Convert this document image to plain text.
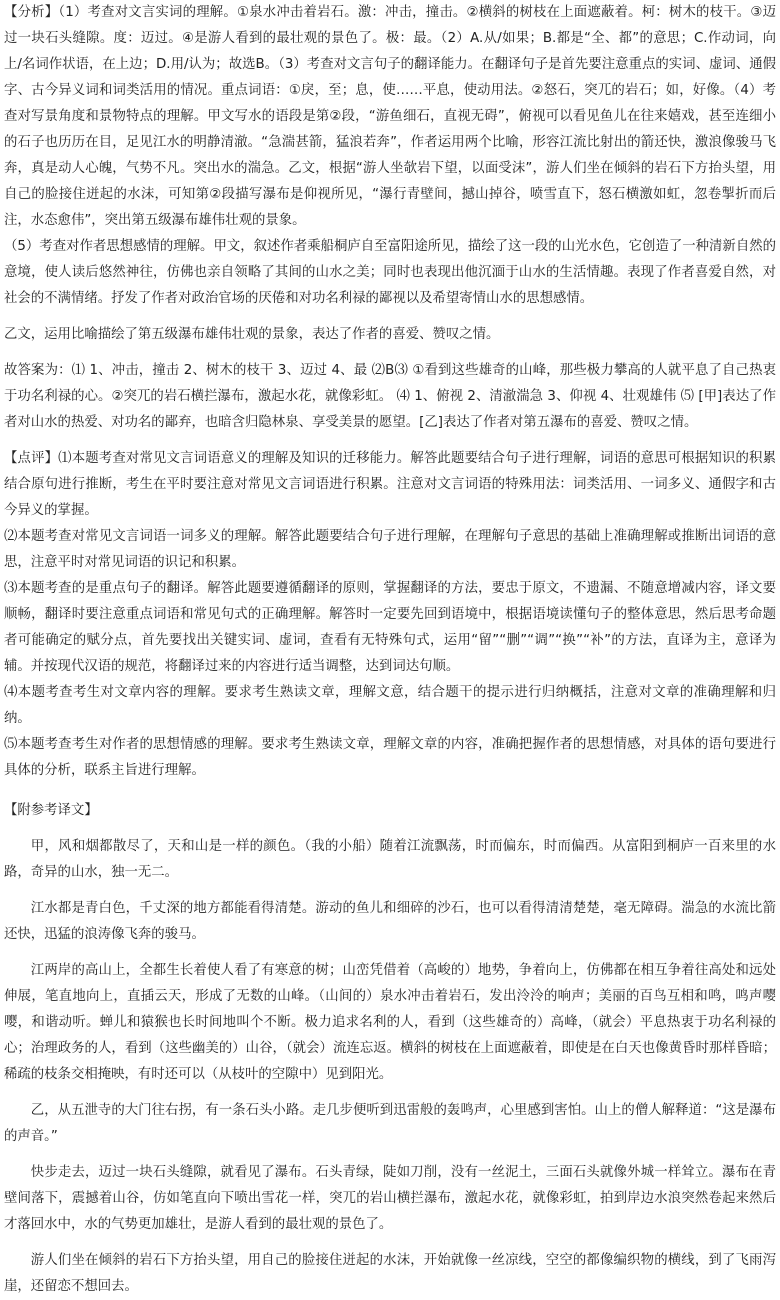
【分析】（1）考查对文言实词的理解。①泉水冲击着岩石。激：冲击，撞击。②横斜的树枝在上面遮蔽着。柯：树木的枝干。③迈过一块石头缝隙。度：迈过。④是游人看到的最壮观的景色了。极：最。（2）A.从/如果；B.都是“全、都”的意思；C.作动词，向上/名词作状语，在上边；D.用/认为；故选B。（3）考查对文言句子的翻译能力。在翻译句子是首先要注意重点的实词、虚词、通假字、古今异义词和词类活用的情况。重点词语：①戾，至；息，使……平息，使动用法。②怒石，突兀的岩石；如，好像。（4）考查对写景角度和景物特点的理解。甲文写水的语段是第②段，“游鱼细石，直视无碍”，俯视可以看见鱼儿在往来嬉戏，甚至连细小的石子也历历在目，足见江水的明静清澈。“急湍甚箭，猛浪若奔”，作者运用两个比喻，形容江流比射出的箭还快，激浪像骏马飞奔，真是动人心魄，气势不凡。突出水的湍急。乙文，根据“游人坐欹岩下望，以面受沫”，游人们坐在倾斜的岩石下方抬头望，用自己的脸接住迸起的水沫，可知第②段描写瀑布是仰视所见，“瀑行青壁间，撼山掉谷，喷雪直下，怒石横激如虹，忽卷掣折而后注，水态愈伟”，突出第五级瀑布雄伟壮观的景象。

（5）考查对作者思想感情的理解。甲文，叙述作者乘船桐庐自至富阳途所见，描绘了这一段的山光水色，它创造了一种清新自然的意境，使人读后悠然神往，仿佛也亲自领略了其间的山水之美；同时也表现出他沉湎于山水的生活情趣。表现了作者喜爱自然，对社会的不满情绪。抒发了作者对政治官场的厌倦和对功名利禄的鄙视以及希望寄情山水的思想感情。

乙文，运用比喻描绘了第五级瀑布雄伟壮观的景象，表达了作者的喜爱、赞叹之情。

故答案为：⑴ 1、冲击，撞击 2、树木的枝干 3、迈过 4、最 ⑵B⑶ ①看到这些雄奇的山峰，那些极力攀高的人就平息了自己热衷于功名利禄的心。②突兀的岩石横拦瀑布，激起水花，就像彩虹。 ⑷ 1、俯视 2、清澈湍急 3、仰视 4、壮观雄伟 ⑸ [甲]表达了作者对山水的热爱、对功名的鄙弃，也暗含归隐林泉、享受美景的愿望。[乙]表达了作者对第五瀑布的喜爱、赞叹之情。

【点评】⑴本题考查对常见文言词语意义的理解及知识的迁移能力。解答此题要结合句子进行理解，词语的意思可根据知识的积累结合原句进行推断，考生在平时要注意对常见文言词语进行积累。注意对文言词语的特殊用法：词类活用、一词多义、通假字和古今异义的掌握。

⑵本题考查对常见文言词语一词多义的理解。解答此题要结合句子进行理解，在理解句子意思的基础上准确理解或推断出词语的意思，注意平时对常见词语的识记和积累。

⑶本题考查的是重点句子的翻译。解答此题要遵循翻译的原则，掌握翻译的方法，要忠于原文，不遗漏、不随意增减内容，译文要顺畅，翻译时要注意重点词语和常见句式的正确理解。解答时一定要先回到语境中，根据语境读懂句子的整体意思，然后思考命题者可能确定的赋分点，首先要找出关键实词、虚词，查看有无特殊句式，运用“留”“删”“调”“换”“补”的方法，直译为主，意译为辅。并按现代汉语的规范，将翻译过来的内容进行适当调整，达到词达句顺。

⑷本题考查考生对文章内容的理解。要求考生熟读文章，理解文意，结合题干的提示进行归纳概括，注意对文章的准确理解和归纳。

⑸本题考查考生对作者的思想情感的理解。要求考生熟读文章，理解文章的内容，准确把握作者的思想情感，对具体的语句要进行具体的分析，联系主旨进行理解。

【附参考译文】

甲，风和烟都散尽了，天和山是一样的颜色。（我的小船）随着江流飘荡，时而偏东，时而偏西。从富阳到桐庐一百来里的水路，奇异的山水，独一无二。

江水都是青白色，千丈深的地方都能看得清楚。游动的鱼儿和细碎的沙石，也可以看得清清楚楚，毫无障碍。湍急的水流比箭还快，迅猛的浪涛像飞奔的骏马。

江两岸的高山上，全都生长着使人看了有寒意的树；山峦凭借着（高峻的）地势，争着向上，仿佛都在相互争着往高处和远处伸展，笔直地向上，直插云天，形成了无数的山峰。（山间的）泉水冲击着岩石，发出泠泠的响声；美丽的百鸟互相和鸣，鸣声嘤嘤，和谐动听。蝉儿和猿猴也长时间地叫个不断。极力追求名利的人，看到（这些雄奇的）高峰，（就会）平息热衷于功名利禄的心；治理政务的人，看到（这些幽美的）山谷，（就会）流连忘返。横斜的树枝在上面遮蔽着，即使是在白天也像黄昏时那样昏暗；稀疏的枝条交相掩映，有时还可以（从枝叶的空隙中）见到阳光。

乙，从五泄寺的大门往右拐，有一条石头小路。走几步便听到迅雷般的轰鸣声，心里感到害怕。山上的僧人解释道：“这是瀑布的声音。”

快步走去，迈过一块石头缝隙，就看见了瀑布。石头青绿，陡如刀削，没有一丝泥土，三面石头就像外城一样耸立。瀑布在青壁间落下，震撼着山谷，仿如笔直向下喷出雪花一样，突兀的岩山横拦瀑布，激起水花，就像彩虹，拍到岸边水浪突然卷起来然后才落回水中，水的气势更加雄壮，是游人看到的最壮观的景色了。

游人们坐在倾斜的岩石下方抬头望，用自己的脸接住迸起的水沫，开始就像一丝凉线，空空的都像编织物的横线，到了飞雨泻崖，还留恋不想回去。
